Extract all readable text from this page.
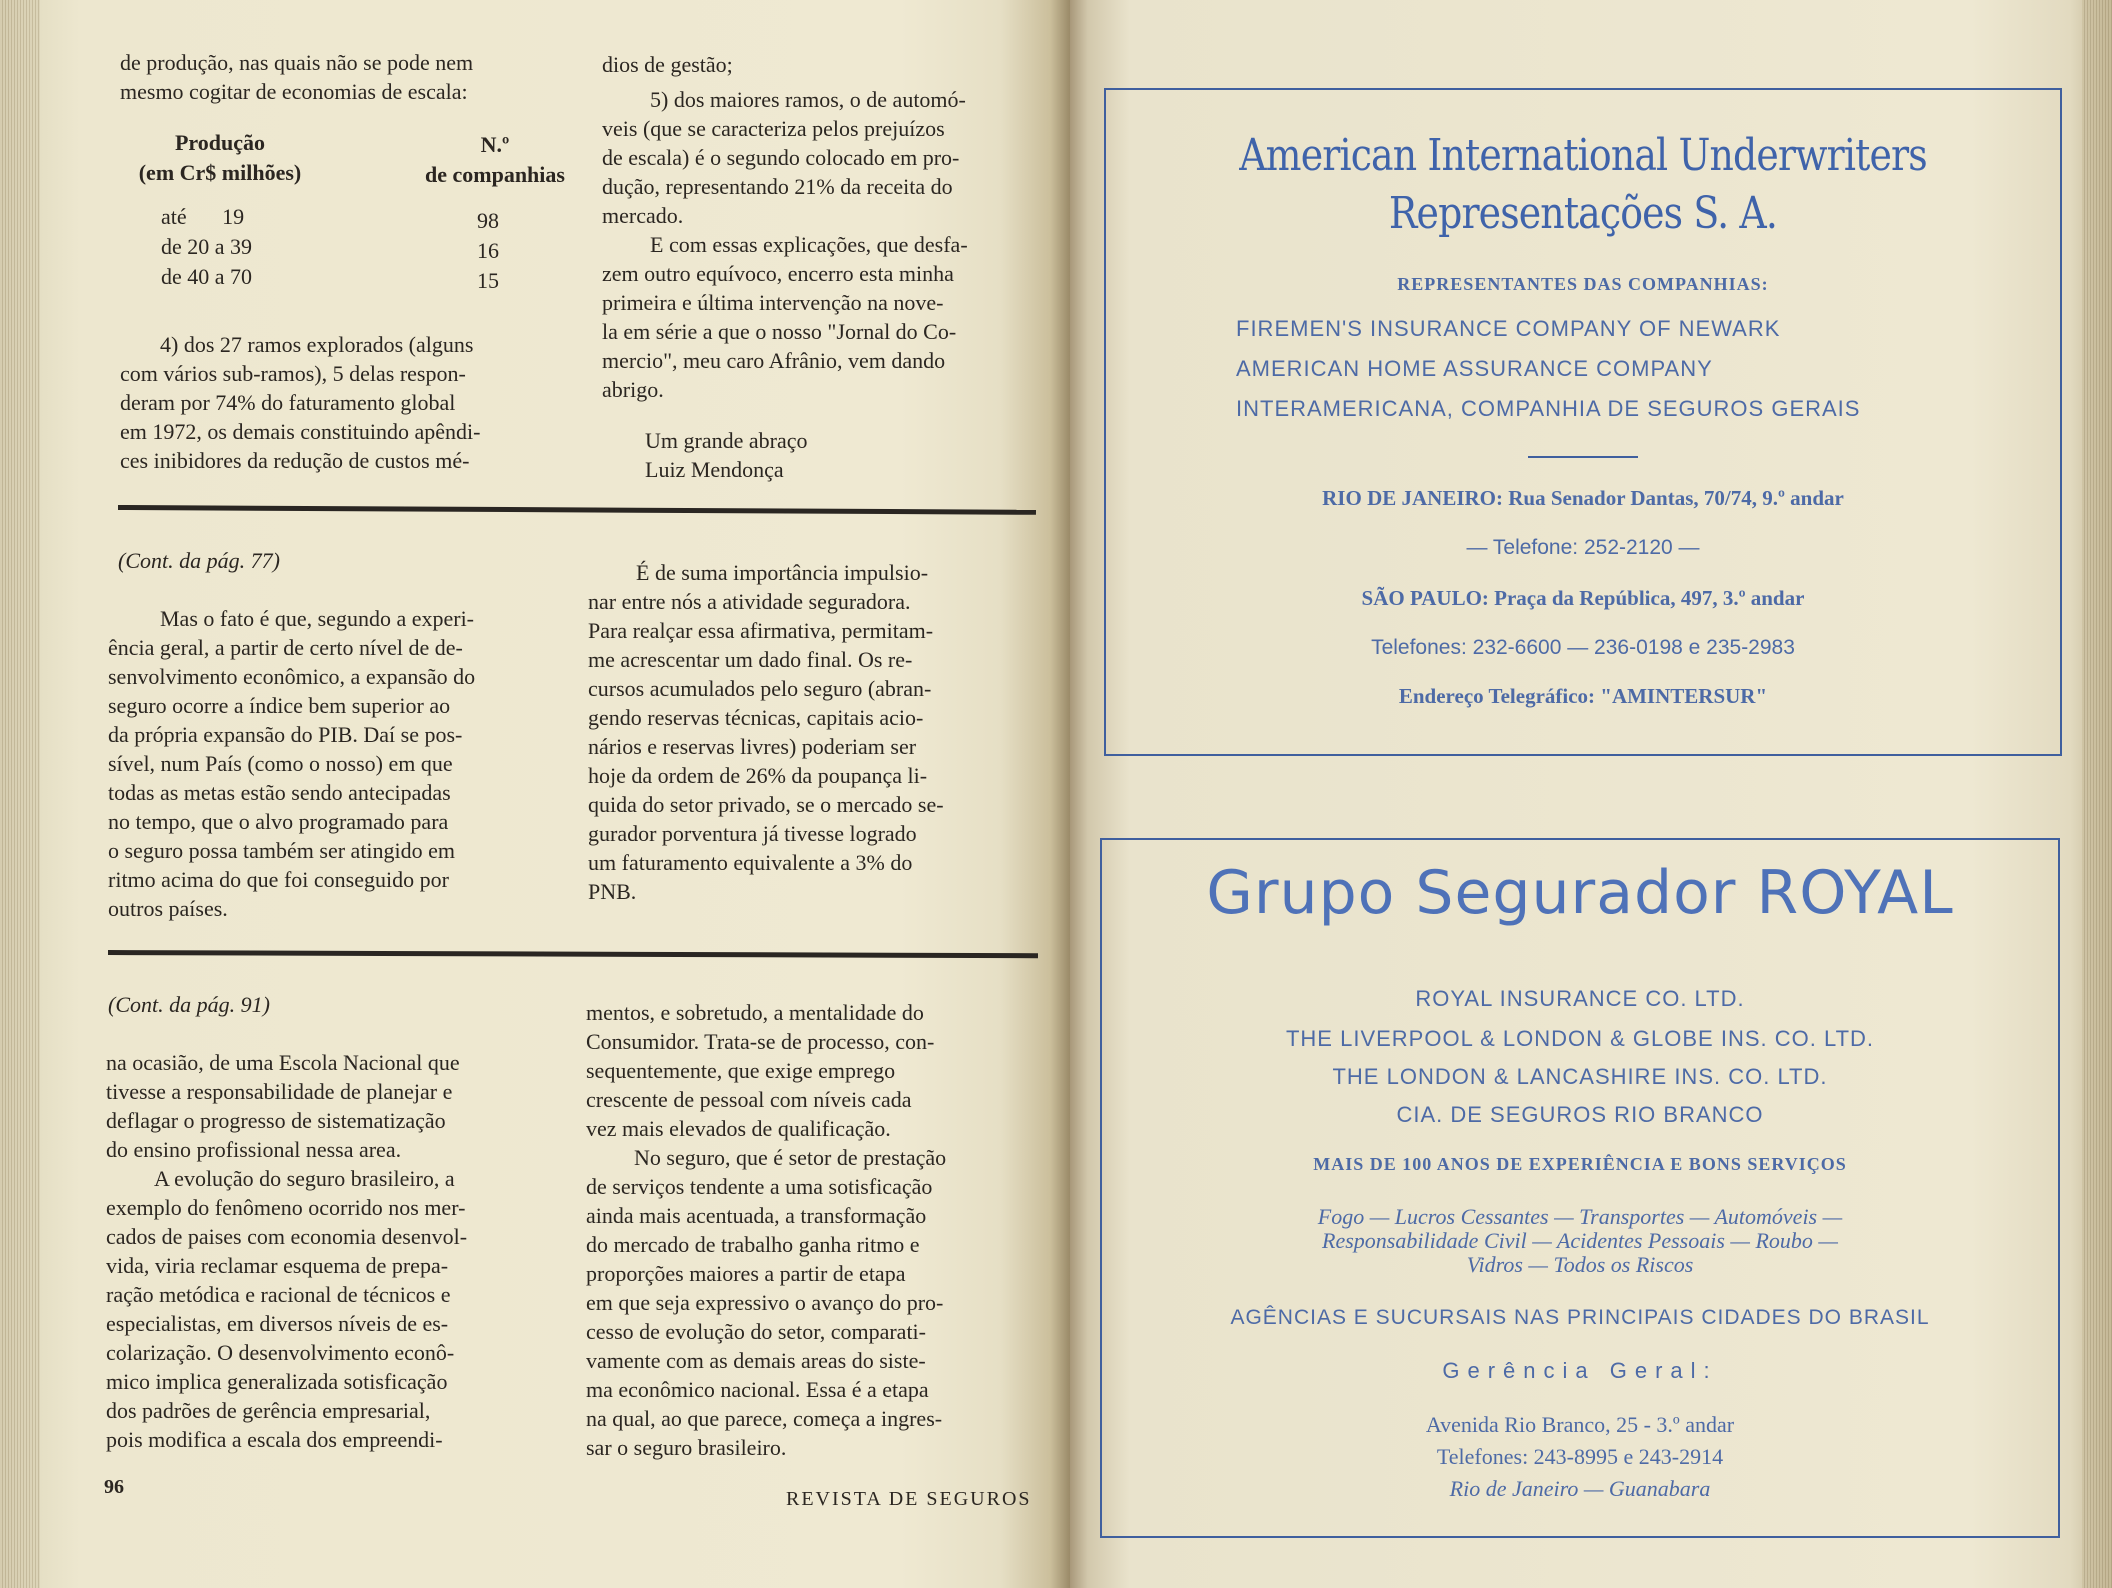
de produção, nas quais não se pode nem
mesmo cogitar de economias de escala:
Produção
(em Cr$ milhões)
N.º
de companhias
até 19
de 20 a 39
de 40 a 70
98
16
15
4) dos 27 ramos explorados (alguns
com vários sub-ramos), 5 delas respon-
deram por 74% do faturamento global
em 1972, os demais constituindo apêndi-
ces inibidores da redução de custos mé-
dios de gestão;
5) dos maiores ramos, o de automó-
veis (que se caracteriza pelos prejuízos
de escala) é o segundo colocado em pro-
dução, representando 21% da receita do
mercado.
E com essas explicações, que desfa-
zem outro equívoco, encerro esta minha
primeira e última intervenção na nove-
la em série a que o nosso "Jornal do Co-
mercio", meu caro Afrânio, vem dando
abrigo.
Um grande abraço
Luiz Mendonça
(Cont. da pág. 77)
Mas o fato é que, segundo a experi-
ência geral, a partir de certo nível de de-
senvolvimento econômico, a expansão do
seguro ocorre a índice bem superior ao
da própria expansão do PIB. Daí se pos-
sível, num País (como o nosso) em que
todas as metas estão sendo antecipadas
no tempo, que o alvo programado para
o seguro possa também ser atingido em
ritmo acima do que foi conseguido por
outros países.
É de suma importância impulsio-
nar entre nós a atividade seguradora.
Para realçar essa afirmativa, permitam-
me acrescentar um dado final. Os re-
cursos acumulados pelo seguro (abran-
gendo reservas técnicas, capitais acio-
nários e reservas livres) poderiam ser
hoje da ordem de 26% da poupança li-
quida do setor privado, se o mercado se-
gurador porventura já tivesse logrado
um faturamento equivalente a 3% do
PNB.
(Cont. da pág. 91)
na ocasião, de uma Escola Nacional que
tivesse a responsabilidade de planejar e
deflagar o progresso de sistematização
do ensino profissional nessa area.
A evolução do seguro brasileiro, a
exemplo do fenômeno ocorrido nos mer-
cados de paises com economia desenvol-
vida, viria reclamar esquema de prepa-
ração metódica e racional de técnicos e
especialistas, em diversos níveis de es-
colarização. O desenvolvimento econô-
mico implica generalizada sotisficação
dos padrões de gerência empresarial,
pois modifica a escala dos empreendi-
mentos, e sobretudo, a mentalidade do
Consumidor. Trata-se de processo, con-
sequentemente, que exige emprego
crescente de pessoal com níveis cada
vez mais elevados de qualificação.
No seguro, que é setor de prestação
de serviços tendente a uma sotisficação
ainda mais acentuada, a transformação
do mercado de trabalho ganha ritmo e
proporções maiores a partir de etapa
em que seja expressivo o avanço do pro-
cesso de evolução do setor, comparati-
vamente com as demais areas do siste-
ma econômico nacional. Essa é a etapa
na qual, ao que parece, começa a ingres-
sar o seguro brasileiro.
96
REVISTA DE SEGUROS
American International Underwriters
Representações S. A.
REPRESENTANTES DAS COMPANHIAS:
FIREMEN'S INSURANCE COMPANY OF NEWARK
AMERICAN HOME ASSURANCE COMPANY
INTERAMERICANA, COMPANHIA DE SEGUROS GERAIS
RIO DE JANEIRO: Rua Senador Dantas, 70/74, 9.º andar
— Telefone: 252-2120 —
SÃO PAULO: Praça da República, 497, 3.º andar
Telefones: 232-6600 — 236-0198 e 235-2983
Endereço Telegráfico: "AMINTERSUR"
Grupo Segurador ROYAL
ROYAL INSURANCE CO. LTD.
THE LIVERPOOL & LONDON & GLOBE INS. CO. LTD.
THE LONDON & LANCASHIRE INS. CO. LTD.
CIA. DE SEGUROS RIO BRANCO
MAIS DE 100 ANOS DE EXPERIÊNCIA E BONS SERVIÇOS
Fogo — Lucros Cessantes — Transportes — Automóveis —
Responsabilidade Civil — Acidentes Pessoais — Roubo —
Vidros — Todos os Riscos
AGÊNCIAS E SUCURSAIS NAS PRINCIPAIS CIDADES DO BRASIL
Gerência Geral:
Avenida Rio Branco, 25 - 3.º andar
Telefones: 243-8995 e 243-2914
Rio de Janeiro — Guanabara
